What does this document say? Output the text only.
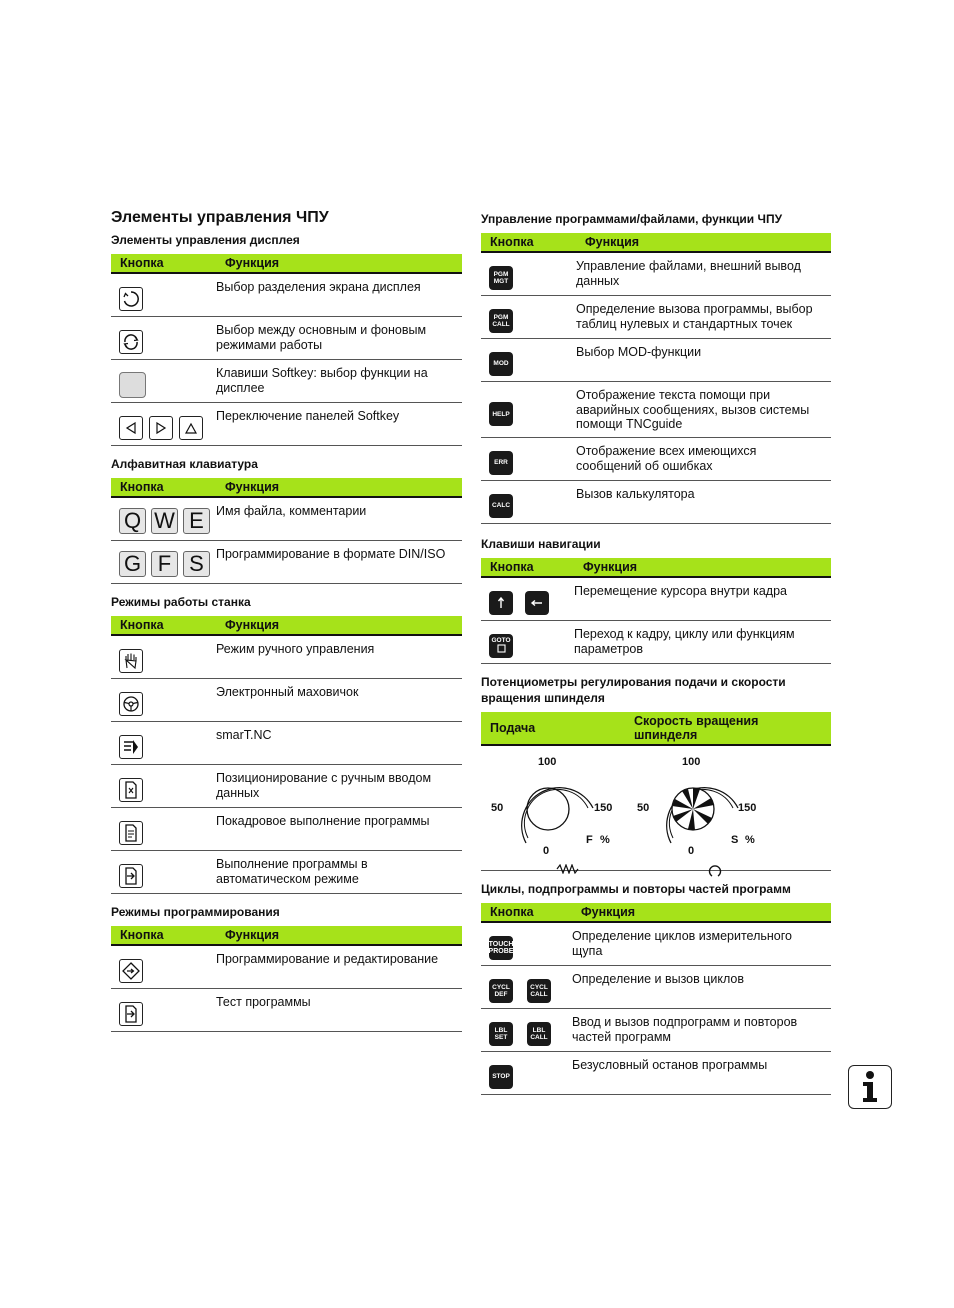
Элементы управления ЧПУ
Элементы управления дисплея
Кнопка	Функция

	Выбор разделения экрана дисплея

	Выбор между основным и фоновым режимами работы

	Клавиши Softkey: выбор функции на дисплее

	Переключение панелей Softkey
Алфавитная клавиатура
Кнопка	Функция

Q W E	Имя файла, комментарии

G F S	Программирование в формате DIN/ISO
Режимы работы станка
Кнопка	Функция

	Режим ручного управления

	Электронный маховичок

	smarT.NC

	Позиционирование с ручным вводом данных

	Покадровое выполнение программы

	Выполнение программы в автоматическом режиме
Режимы программирования
Кнопка	Функция

	Программирование и редактирование

	Тест программы
Управление программами/файлами, функции ЧПУ
Кнопка	Функция

PGM
MGT	Управление файлами, внешний вывод данных

PGM
CALL	Определение вызова программы, выбор таблиц нулевых и стандартных точек

MOD	Выбор MOD-функции

HELP	Отображение текста помощи при аварийных сообщениях, вызов системы помощи TNCguide

ERR	Отображение всех имеющихся сообщений об ошибках

CALC	Вызов калькулятора
Клавиши навигации
Кнопка	Функция

	Перемещение курсора внутри кадра

GOTO	Переход к кадру, циклу или функциям параметров
Потенциометры регулирования подачи и скорости вращения шпинделя
Подача	Скорость вращения шпинделя
100
50	150
0
F %
100
50	150
0
S %
Циклы, подпрограммы и повторы частей программ
Кнопка	Функция

TOUCH
PROBE	Определение циклов измерительного щупа

CYCL
DEF
CYCL
CALL	Определение и вызов циклов

LBL
SET
LBL
CALL	Ввод и вызов подпрограмм и повторов частей программ

STOP	Безусловный останов программы
